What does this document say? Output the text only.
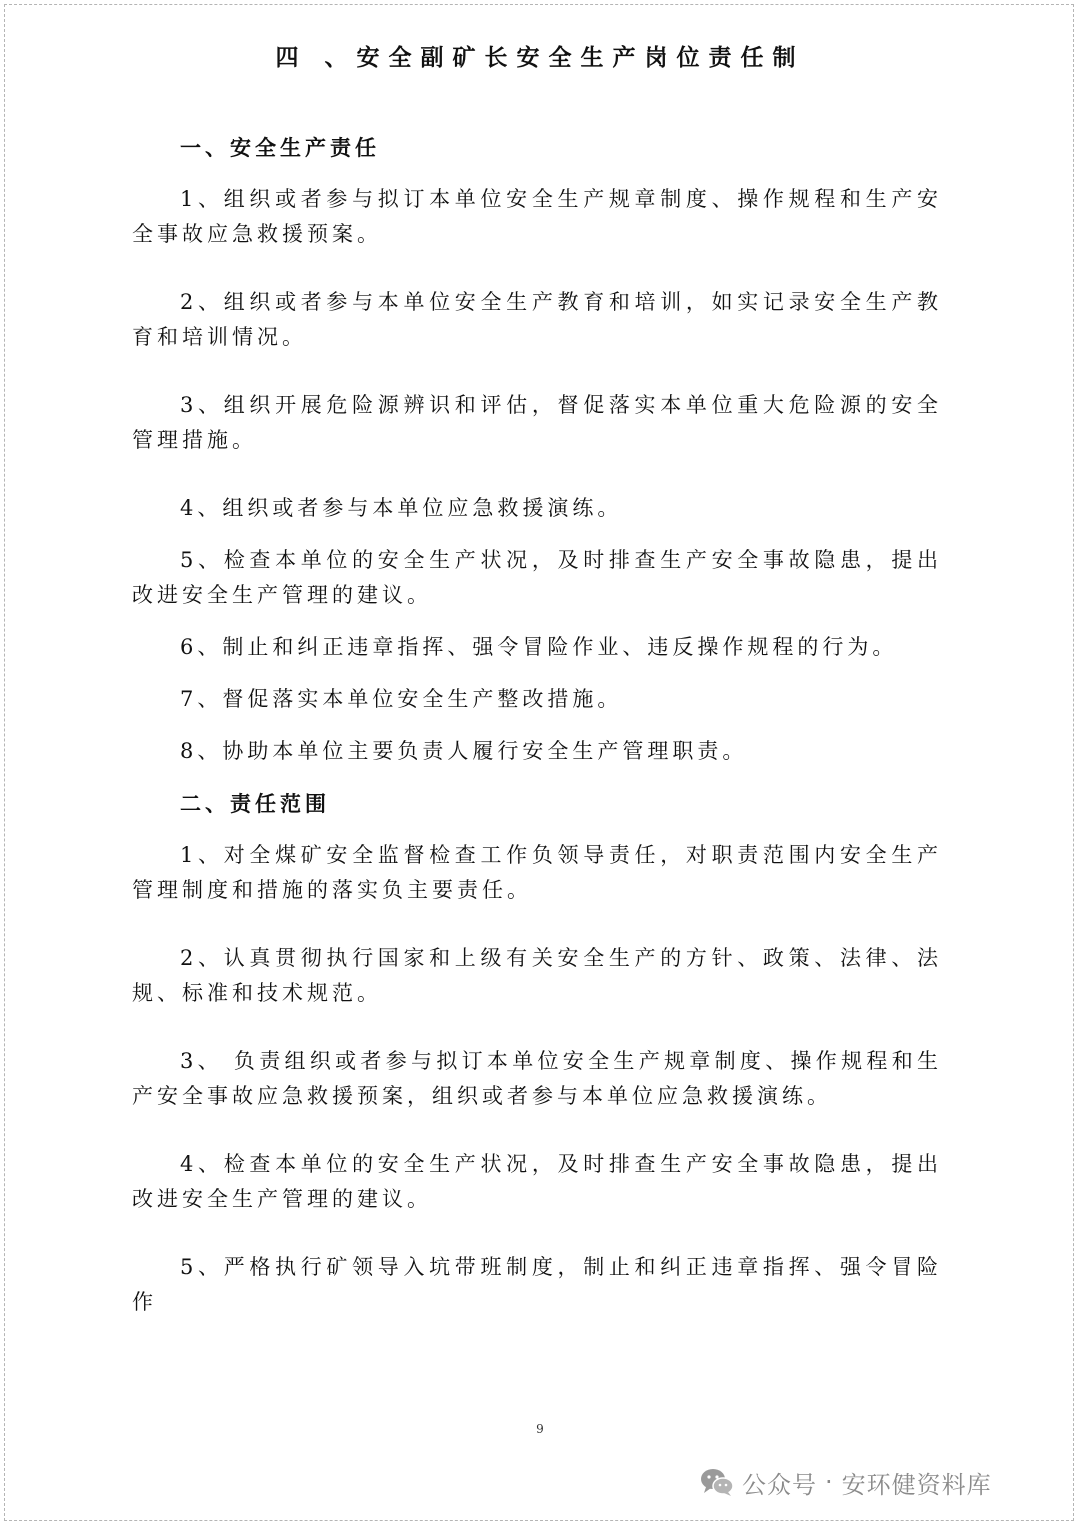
四 、安全副矿长安全生产岗位责任制

一、安全生产责任

1、组织或者参与拟订本单位安全生产规章制度、操作规程和生产安全事故应急救援预案。

2、组织或者参与本单位安全生产教育和培训，如实记录安全生产教育和培训情况。

3、组织开展危险源辨识和评估，督促落实本单位重大危险源的安全管理措施。

4、组织或者参与本单位应急救援演练。

5、检查本单位的安全生产状况，及时排查生产安全事故隐患，提出改进安全生产管理的建议。

6、制止和纠正违章指挥、强令冒险作业、违反操作规程的行为。

7、督促落实本单位安全生产整改措施。

8、协助本单位主要负责人履行安全生产管理职责。

二、责任范围

1、对全煤矿安全监督检查工作负领导责任，对职责范围内安全生产管理制度和措施的落实负主要责任。

2、认真贯彻执行国家和上级有关安全生产的方针、政策、法律、法规、标准和技术规范。

3、 负责组织或者参与拟订本单位安全生产规章制度、操作规程和生产安全事故应急救援预案，组织或者参与本单位应急救援演练。

4、检查本单位的安全生产状况，及时排查生产安全事故隐患，提出改进安全生产管理的建议。

5、严格执行矿领导入坑带班制度，制止和纠正违章指挥、强令冒险作

9
公众号 · 安环健资料库
